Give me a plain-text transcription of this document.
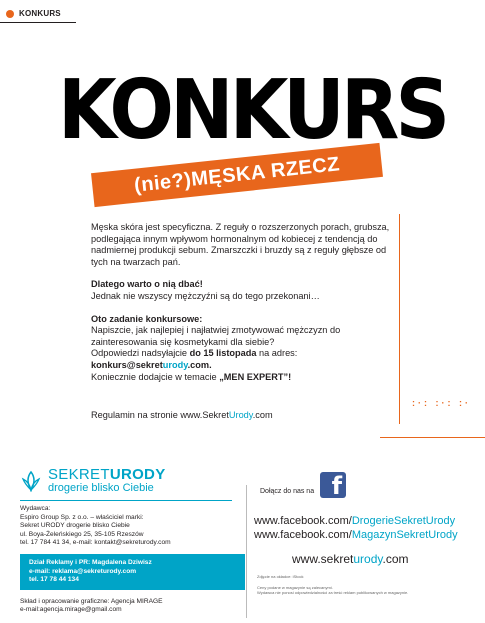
KONKURS
KONKURS
(nie?)MĘSKA RZECZ

Męska skóra jest specyficzna. Z reguły o rozszerzonych porach, grubsza, podlegająca innym wpływom hormonalnym od kobiecej z tendencją do nadmiernej produkcji sebum. Zmarszczki i bruzdy są z reguły głębsze od tych na twarzach pań.

Dlatego warto o nią dbać!
Jednak nie wszyscy mężczyźni są do tego przekonani…

Oto zadanie konkursowe:
Napiszcie, jak najlepiej i najłatwiej zmotywować mężczyzn do zainteresowania się kosmetykami dla siebie?
Odpowiedzi nadsyłajcie do 15 listopada na adres:
konkurs@sekreturody.com.
Koniecznie dodajcie w temacie „MEN EXPERT”!

Regulamin na stronie www.SekretUrody.com
:·: :·: :·
SEKRETURODY
drogerie blisko Ciebie
Wydawca:
Espiro Group Sp. z o.o. – właściciel marki:
Sekret URODY drogerie blisko Ciebie
ul. Boya-Żeleńskiego 25, 35-105 Rzeszów
tel. 17 784 41 34, e-mail: kontakt@sekreturody.com
Dział Reklamy i PR: Magdalena Dziwisz
e-mail: reklama@sekreturody.com
tel. 17 78 44 134
Skład i opracowanie graficzne: Agencja MIRAGE
e-mail:agencja.mirage@gmail.com
Dołącz do nas na f
www.facebook.com/DrogerieSekretUrody
www.facebook.com/MagazynSekretUrody
www.sekreturody.com
Zdjęcie na okładce: iStock
Ceny podane w magazynie są zalecanymi.
Wydawca nie ponosi odpowiedzialności za treść reklam publikowanych w magazynie.
